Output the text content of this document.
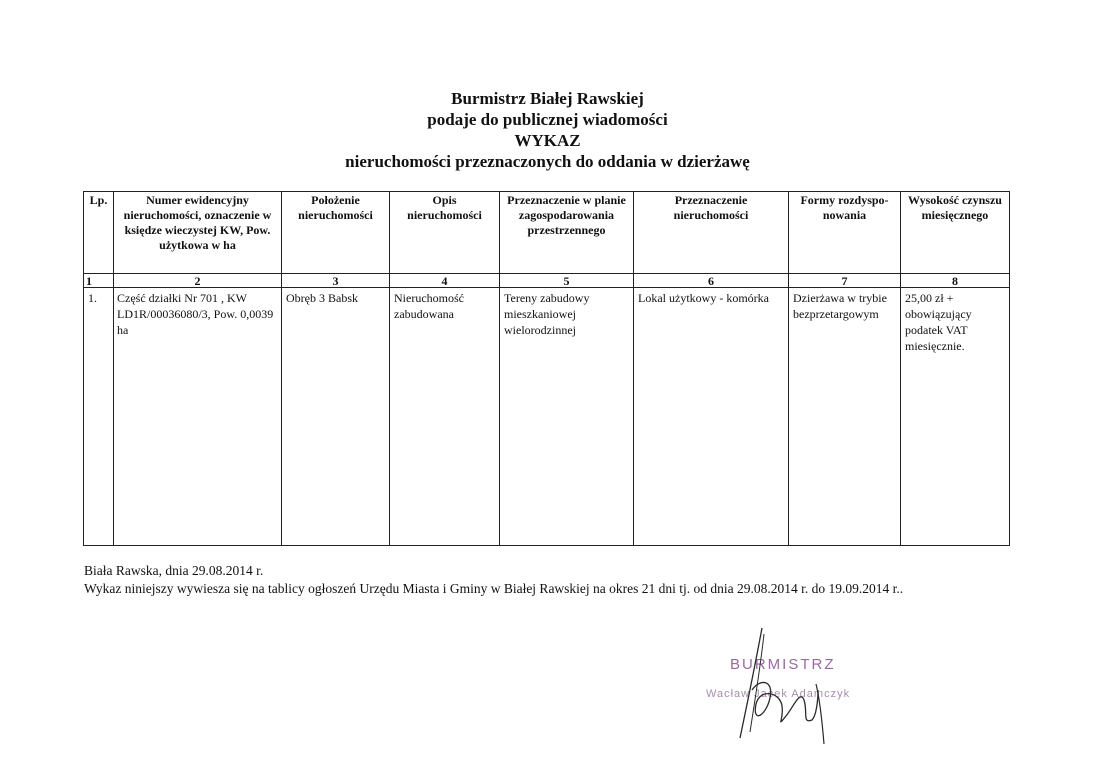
Burmistrz Białej Rawskiej
podaje do publicznej wiadomości
WYKAZ
nieruchomości przeznaczonych do oddania w dzierżawę
Lp.	Numer ewidencyjny nieruchomości, oznaczenie w księdze wieczystej KW, Pow. użytkowa w ha	Położenie nieruchomości	Opis nieruchomości	Przeznaczenie w planie zagospodarowania przestrzennego	Przeznaczenie nieruchomości	Formy rozdyspo-nowania	Wysokość czynszu miesięcznego
1	2	3	4	5	6	7	8
1.	Część działki Nr 701 , KW LD1R/00036080/3, Pow. 0,0039 ha	Obręb 3 Babsk	Nieruchomość zabudowana	Tereny zabudowy mieszkaniowej wielorodzinnej	Lokal użytkowy - komórka	Dzierżawa w trybie bezprzetargowym	25,00 zł + obowiązujący podatek VAT miesięcznie.
Biała Rawska, dnia 29.08.2014 r.
Wykaz niniejszy wywiesza się na tablicy ogłoszeń Urzędu Miasta i Gminy w Białej Rawskiej na okres 21 dni tj. od dnia 29.08.2014 r. do 19.09.2014 r..
BURMISTRZ
Wacław Jacek Adamczyk
